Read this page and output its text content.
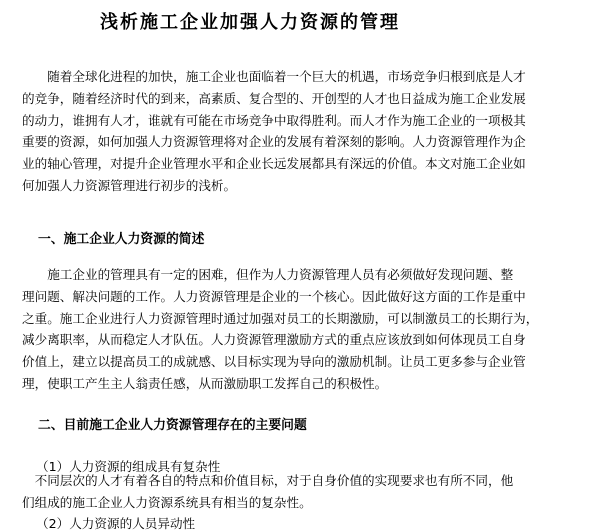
浅析施工企业加强人力资源的管理
　　随着全球化进程的加快，施工企业也面临着一个巨大的机遇，市场竞争归根到底是人才
的竞争，随着经济时代的到来，高素质、复合型的、开创型的人才也日益成为施工企业发展
的动力，谁拥有人才，谁就有可能在市场竞争中取得胜利。而人才作为施工企业的一项极其
重要的资源，如何加强人力资源管理将对企业的发展有着深刻的影响。人力资源管理作为企
业的轴心管理，对提升企业管理水平和企业长远发展都具有深远的价值。本文对施工企业如
何加强人力资源管理进行初步的浅析。
一、施工企业人力资源的简述
　　施工企业的管理具有一定的困难，但作为人力资源管理人员有必须做好发现问题、整
理问题、解决问题的工作。人力资源管理是企业的一个核心。因此做好这方面的工作是重中
之重。施工企业进行人力资源管理时通过加强对员工的长期激励，可以制激员工的长期行为，
减少离职率，从而稳定人才队伍。人力资源管理激励方式的重点应该放到如何体现员工自身
价值上，建立以提高员工的成就感、以目标实现为导向的激励机制。让员工更多参与企业管
理，使职工产生主人翁责任感，从而激励职工发挥自己的积极性。
二、目前施工企业人力资源管理存在的主要问题
（1）人力资源的组成具有复杂性
　不同层次的人才有着各自的特点和价值目标，对于自身价值的实现要求也有所不同，他
们组成的施工企业人力资源系统具有相当的复杂性。
（2）人力资源的人员异动性
